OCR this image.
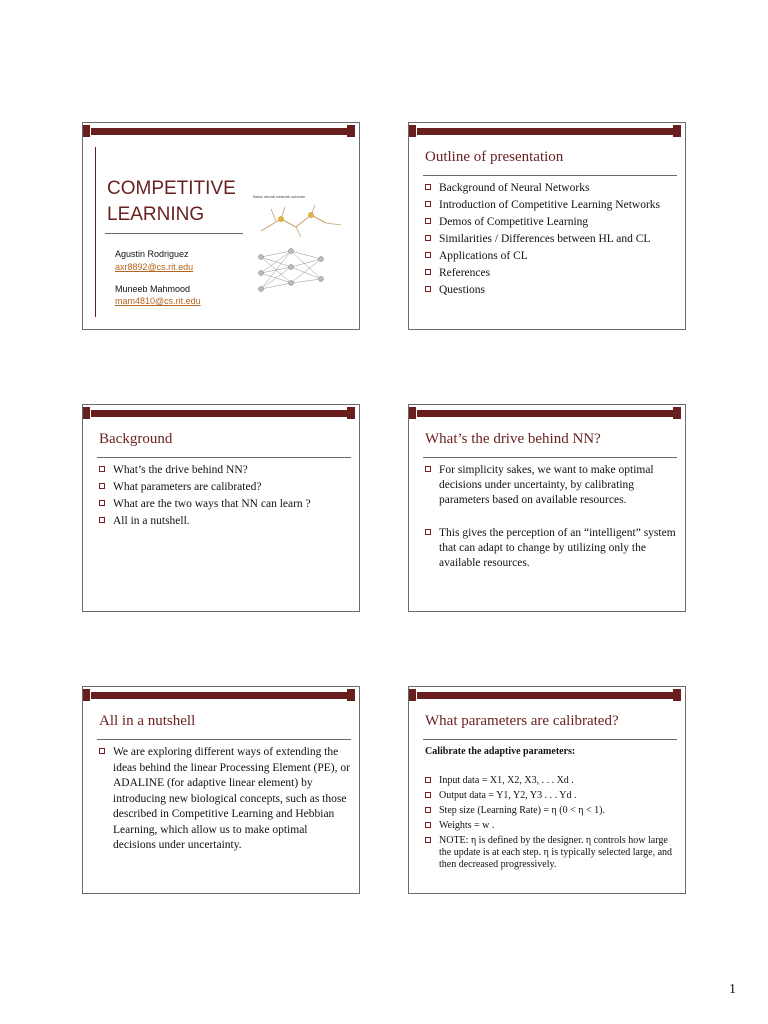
COMPETITIVE
LEARNING
Agustin Rodriguez
axr8892@cs.rit.edu
Muneeb Mahmood
mam4810@cs.rit.edu
Basic neural network scheme
Outline of presentation
Background of Neural Networks
Introduction of Competitive Learning Networks
Demos of Competitive Learning
Similarities / Differences between HL and CL
Applications of CL
References
Questions
Background
What’s the drive behind NN?
What parameters are calibrated?
What are the two ways that NN can learn ?
All in a nutshell.
What’s the drive behind NN?
For simplicity sakes, we want to make optimal decisions under uncertainty, by calibrating parameters based on available resources.
This gives the perception of an “intelligent” system that can adapt to change by utilizing only the available resources.
All in a nutshell
We are exploring different ways of extending the ideas behind the linear Processing Element (PE), or ADALINE (for adaptive linear element) by introducing new biological concepts, such as those described in Competitive Learning and Hebbian Learning, which allow us to make optimal decisions under uncertainty.
What parameters are calibrated?
Calibrate the adaptive parameters:
Input data = X1, X2, X3, . . . Xd .
Output data = Y1, Y2, Y3 . . . Yd .
Step size (Learning Rate) = η (0 < η < 1).
Weights = w .
NOTE: η is defined by the designer. η controls how large the update is at each step. η is typically selected large, and then decreased progressively.
1
